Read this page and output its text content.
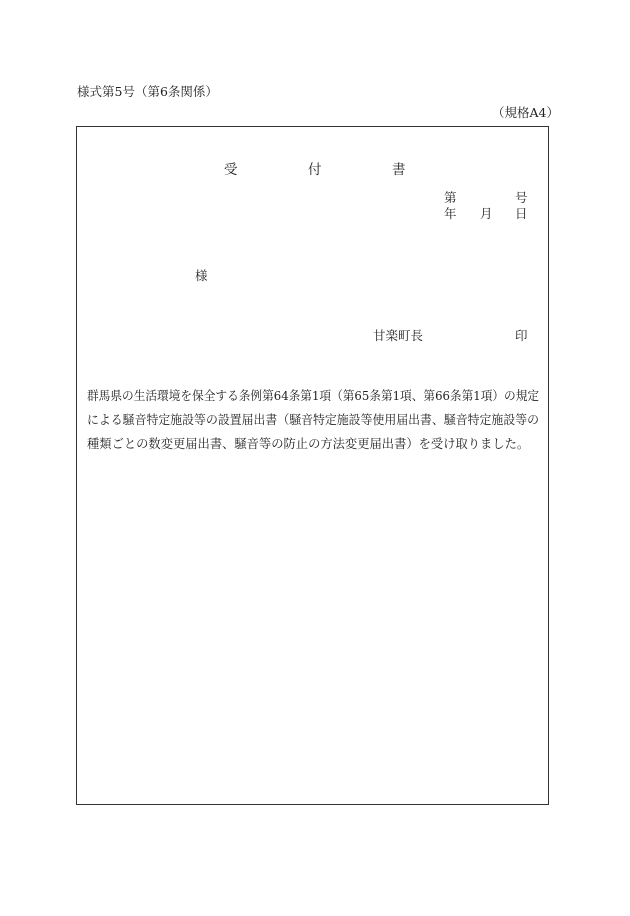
様式第5号（第6条関係）
（規格A4）
受	付	書
第	号
年 月 日
様
甘楽町長	印
群馬県の生活環境を保全する条例第64条第1項（第65条第1項、第66条第1項）の規定
による騒音特定施設等の設置届出書（騒音特定施設等使用届出書、騒音特定施設等の
種類ごとの数変更届出書、騒音等の防止の方法変更届出書）を受け取りました。
